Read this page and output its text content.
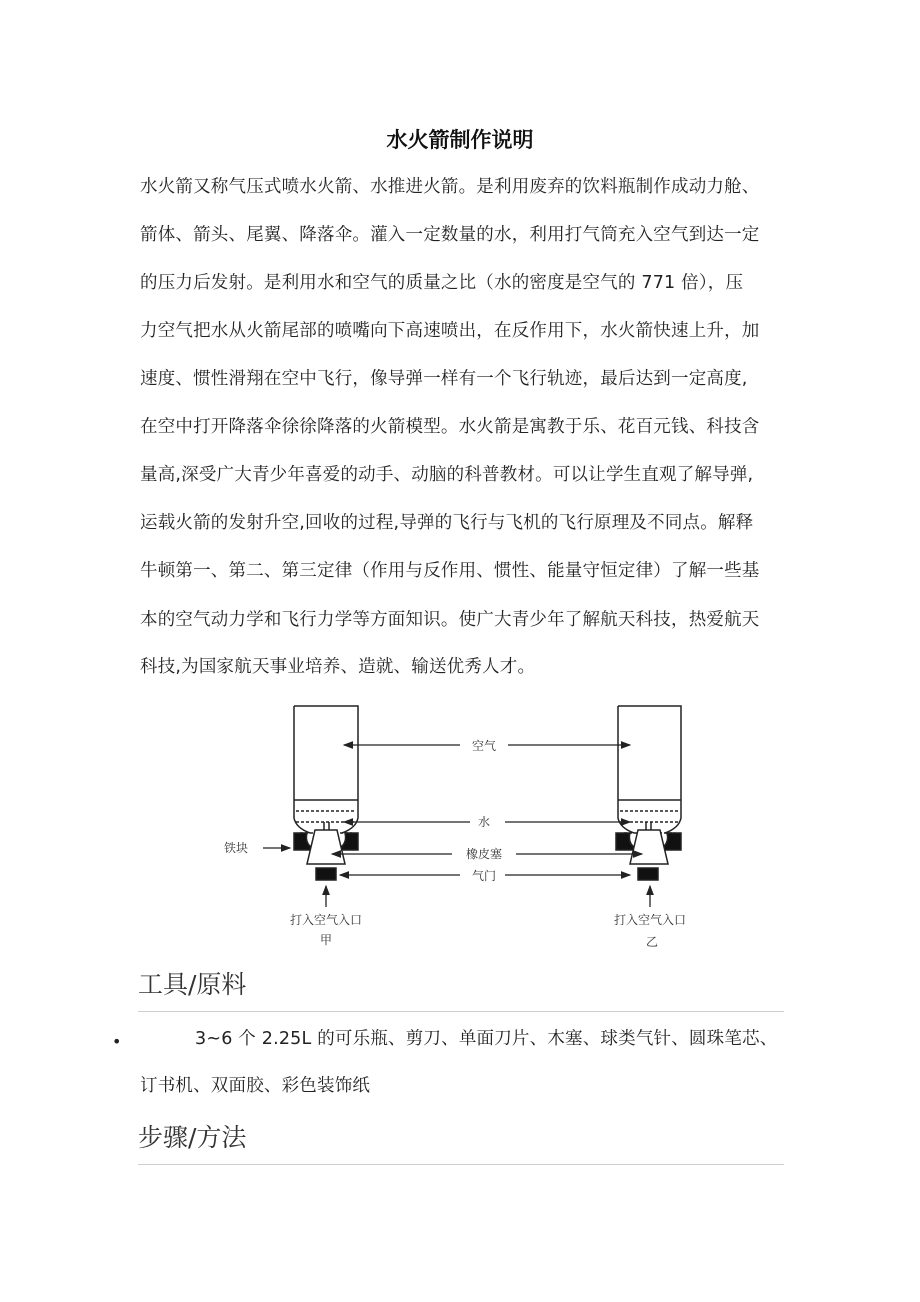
水火箭制作说明
水火箭又称气压式喷水火箭、水推进火箭。是利用废弃的饮料瓶制作成动力舱、
箭体、箭头、尾翼、降落伞。灌入一定数量的水，利用打气筒充入空气到达一定
的压力后发射。是利用水和空气的质量之比（水的密度是空气的 771 倍），压
力空气把水从火箭尾部的喷嘴向下高速喷出，在反作用下，水火箭快速上升，加
速度、惯性滑翔在空中飞行，像导弹一样有一个飞行轨迹，最后达到一定高度,
在空中打开降落伞徐徐降落的火箭模型。水火箭是寓教于乐、花百元钱、科技含
量高,深受广大青少年喜爱的动手、动脑的科普教材。可以让学生直观了解导弹,
运载火箭的发射升空,回收的过程,导弹的飞行与飞机的飞行原理及不同点。解释
牛顿第一、第二、第三定律（作用与反作用、惯性、能量守恒定律）了解一些基
本的空气动力学和飞行力学等方面知识。使广大青少年了解航天科技，热爱航天
科技,为国家航天事业培养、造就、输送优秀人才。
空气
水
铁块	橡皮塞
气门
打入空气入口	打入空气入口
甲	乙
工具/原料
•	3~6 个 2.25L 的可乐瓶、剪刀、单面刀片、木塞、球类气针、圆珠笔芯、
订书机、双面胶、彩色装饰纸
步骤/方法
